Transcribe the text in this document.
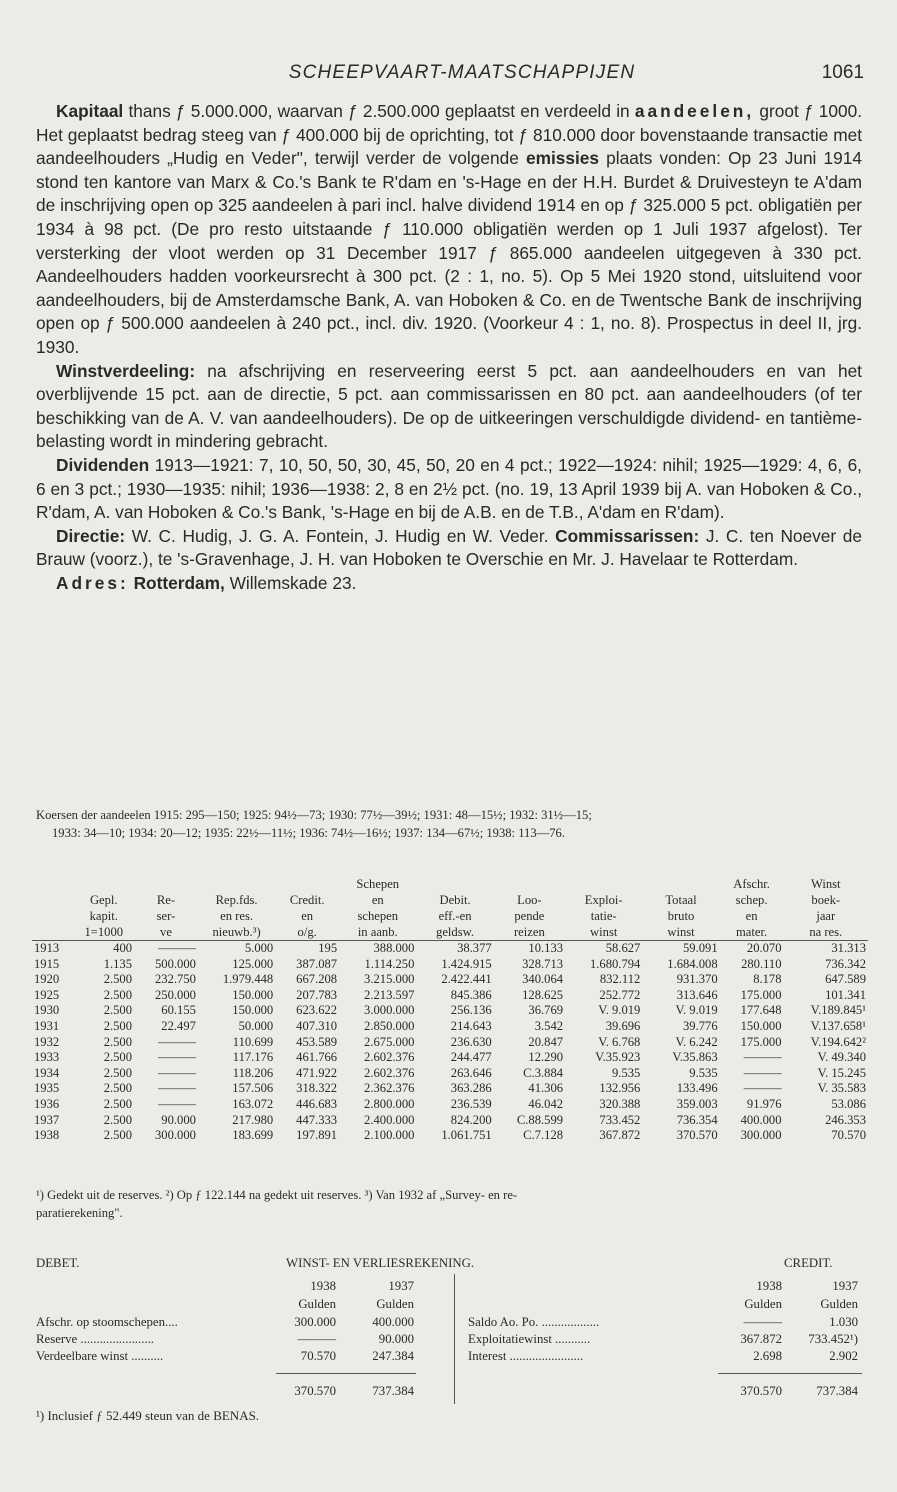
SCHEEPVAART-MAATSCHAPPIJEN	1061

Kapitaal thans ƒ 5.000.000, waarvan ƒ 2.500.000 geplaatst en verdeeld in aandeelen, groot ƒ 1000. Het geplaatst bedrag steeg van ƒ 400.000 bij de oprichting, tot ƒ 810.000 door bovenstaande transactie met aandeelhouders „Hudig en Veder", terwijl verder de volgende emissies plaats vonden: Op 23 Juni 1914 stond ten kantore van Marx & Co.'s Bank te R'dam en 's-Hage en der H.H. Burdet & Druivesteyn te A'dam de inschrijving open op 325 aandeelen à pari incl. halve dividend 1914 en op ƒ 325.000 5 pct. obligatiën per 1934 à 98 pct. (De pro resto uitstaande ƒ 110.000 obligatiën werden op 1 Juli 1937 afgelost). Ter versterking der vloot werden op 31 December 1917 ƒ 865.000 aandeelen uitgegeven à 330 pct. Aandeelhouders hadden voorkeursrecht à 300 pct. (2 : 1, no. 5). Op 5 Mei 1920 stond, uitsluitend voor aandeelhouders, bij de Amsterdamsche Bank, A. van Hoboken & Co. en de Twentsche Bank de inschrijving open op ƒ 500.000 aandeelen à 240 pct., incl. div. 1920. (Voorkeur 4 : 1, no. 8). Prospectus in deel II, jrg. 1930.

Winstverdeeling: na afschrijving en reserveering eerst 5 pct. aan aandeelhouders en van het overblijvende 15 pct. aan de directie, 5 pct. aan commissarissen en 80 pct. aan aandeelhouders (of ter beschikking van de A. V. van aandeelhouders). De op de uitkeeringen verschuldigde dividend- en tantième-belasting wordt in mindering gebracht.

Dividenden 1913—1921: 7, 10, 50, 50, 30, 45, 50, 20 en 4 pct.; 1922—1924: nihil; 1925—1929: 4, 6, 6, 6 en 3 pct.; 1930—1935: nihil; 1936—1938: 2, 8 en 2½ pct. (no. 19, 13 April 1939 bij A. van Hoboken & Co., R'dam, A. van Hoboken & Co.'s Bank, 's-Hage en bij de A.B. en de T.B., A'dam en R'dam).

Directie: W. C. Hudig, J. G. A. Fontein, J. Hudig en W. Veder. Commissarissen: J. C. ten Noever de Brauw (voorz.), te 's-Gravenhage, J. H. van Hoboken te Overschie en Mr. J. Havelaar te Rotterdam.

Adres: Rotterdam, Willemskade 23.

Koersen der aandeelen 1915: 295—150; 1925: 94½—73; 1930: 77½—39½; 1931: 48—15½; 1932: 31½—15;
1933: 34—10; 1934: 20—12; 1935: 22½—11½; 1936: 74½—16½; 1937: 134—67½; 1938: 113—76.
					Schepen					Afschr.	Winst
	Gepl.	Re-	Rep.fds.	Credit.	en	Debit.	Loo-	Exploi-	Totaal	schep.	boek-
	kapit.	ser-	en res.	en	schepen	eff.-en	pende	tatie-	bruto	en	jaar
	1=1000	ve	nieuwb.³)	o/g.	in aanb.	geldsw.	reizen	winst	winst	mater.	na res.
1913	400	———	5.000	195	388.000	38.377	10.133	58.627	59.091	20.070	31.313
1915	1.135	500.000	125.000	387.087	1.114.250	1.424.915	328.713	1.680.794	1.684.008	280.110	736.342
1920	2.500	232.750	1.979.448	667.208	3.215.000	2.422.441	340.064	832.112	931.370	8.178	647.589
1925	2.500	250.000	150.000	207.783	2.213.597	845.386	128.625	252.772	313.646	175.000	101.341
1930	2.500	60.155	150.000	623.622	3.000.000	256.136	36.769	V. 9.019	V. 9.019	177.648	V.189.845¹
1931	2.500	22.497	50.000	407.310	2.850.000	214.643	3.542	39.696	39.776	150.000	V.137.658¹
1932	2.500	———	110.699	453.589	2.675.000	236.630	20.847	V. 6.768	V. 6.242	175.000	V.194.642²
1933	2.500	———	117.176	461.766	2.602.376	244.477	12.290	V.35.923	V.35.863	———	V. 49.340
1934	2.500	———	118.206	471.922	2.602.376	263.646	C.3.884	9.535	9.535	———	V. 15.245
1935	2.500	———	157.506	318.322	2.362.376	363.286	41.306	132.956	133.496	———	V. 35.583
1936	2.500	———	163.072	446.683	2.800.000	236.539	46.042	320.388	359.003	91.976	53.086
1937	2.500	90.000	217.980	447.333	2.400.000	824.200	C.88.599	733.452	736.354	400.000	246.353
1938	2.500	300.000	183.699	197.891	2.100.000	1.061.751	C.7.128	367.872	370.570	300.000	70.570
¹) Gedekt uit de reserves. ²) Op ƒ 122.144 na gedekt uit reserves. ³) Van 1932 af „Survey- en re-
paratierekening".
DEBET.	WINST- EN VERLIESREKENING.	CREDIT.
1938	1937
Gulden	Gulden
1938	1937
Gulden	Gulden
Afschr. op stoomschepen....	300.000	400.000
Reserve .......................	———	90.000
Verdeelbare winst ..........	70.570	247.384
Saldo Ao. Po. ..................	———	1.030
Exploitatiewinst ...........	367.872	733.452¹)
Interest .......................	2.698	2.902
370.570	737.384	370.570	737.384
¹) Inclusief ƒ 52.449 steun van de BENAS.
